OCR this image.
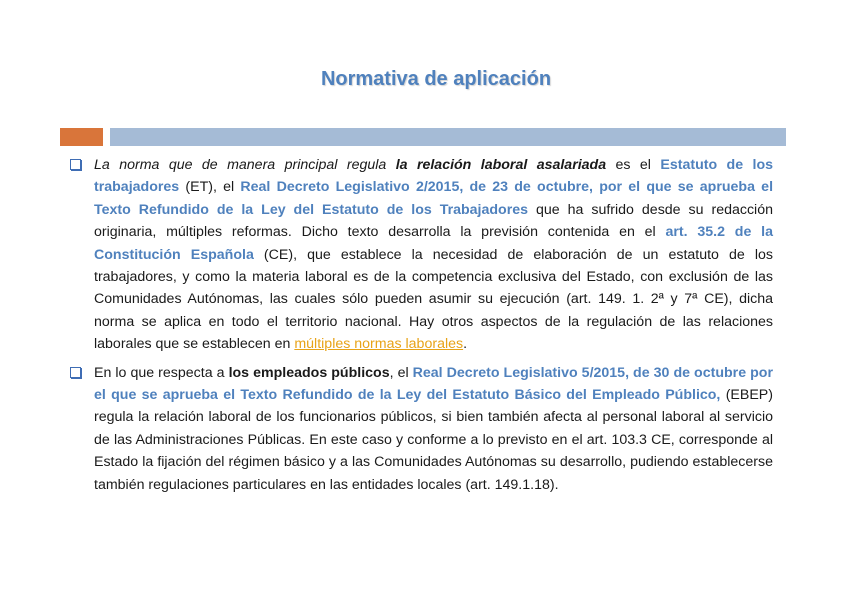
Normativa de aplicación

La norma que de manera principal regula la relación laboral asalariada es el Estatuto de los trabajadores (ET), el Real Decreto Legislativo 2/2015, de 23 de octubre, por el que se aprueba el Texto Refundido de la Ley del Estatuto de los Trabajadores que ha sufrido desde su redacción originaria, múltiples reformas. Dicho texto desarrolla la previsión contenida en el art. 35.2 de la Constitución Española (CE), que establece la necesidad de elaboración de un estatuto de los trabajadores, y como la materia laboral es de la competencia exclusiva del Estado, con exclusión de las Comunidades Autónomas, las cuales sólo pueden asumir su ejecución (art. 149. 1. 2ª y 7ª CE), dicha norma se aplica en todo el territorio nacional. Hay otros aspectos de la regulación de las relaciones laborales que se establecen en múltiples normas laborales.

En lo que respecta a los empleados públicos, el Real Decreto Legislativo 5/2015, de 30 de octubre por el que se aprueba el Texto Refundido de la Ley del Estatuto Básico del Empleado Público, (EBEP) regula la relación laboral de los funcionarios públicos, si bien también afecta al personal laboral al servicio de las Administraciones Públicas. En este caso y conforme a lo previsto en el art. 103.3 CE, corresponde al Estado la fijación del régimen básico y a las Comunidades Autónomas su desarrollo, pudiendo establecerse también regulaciones particulares en las entidades locales (art. 149.1.18).
